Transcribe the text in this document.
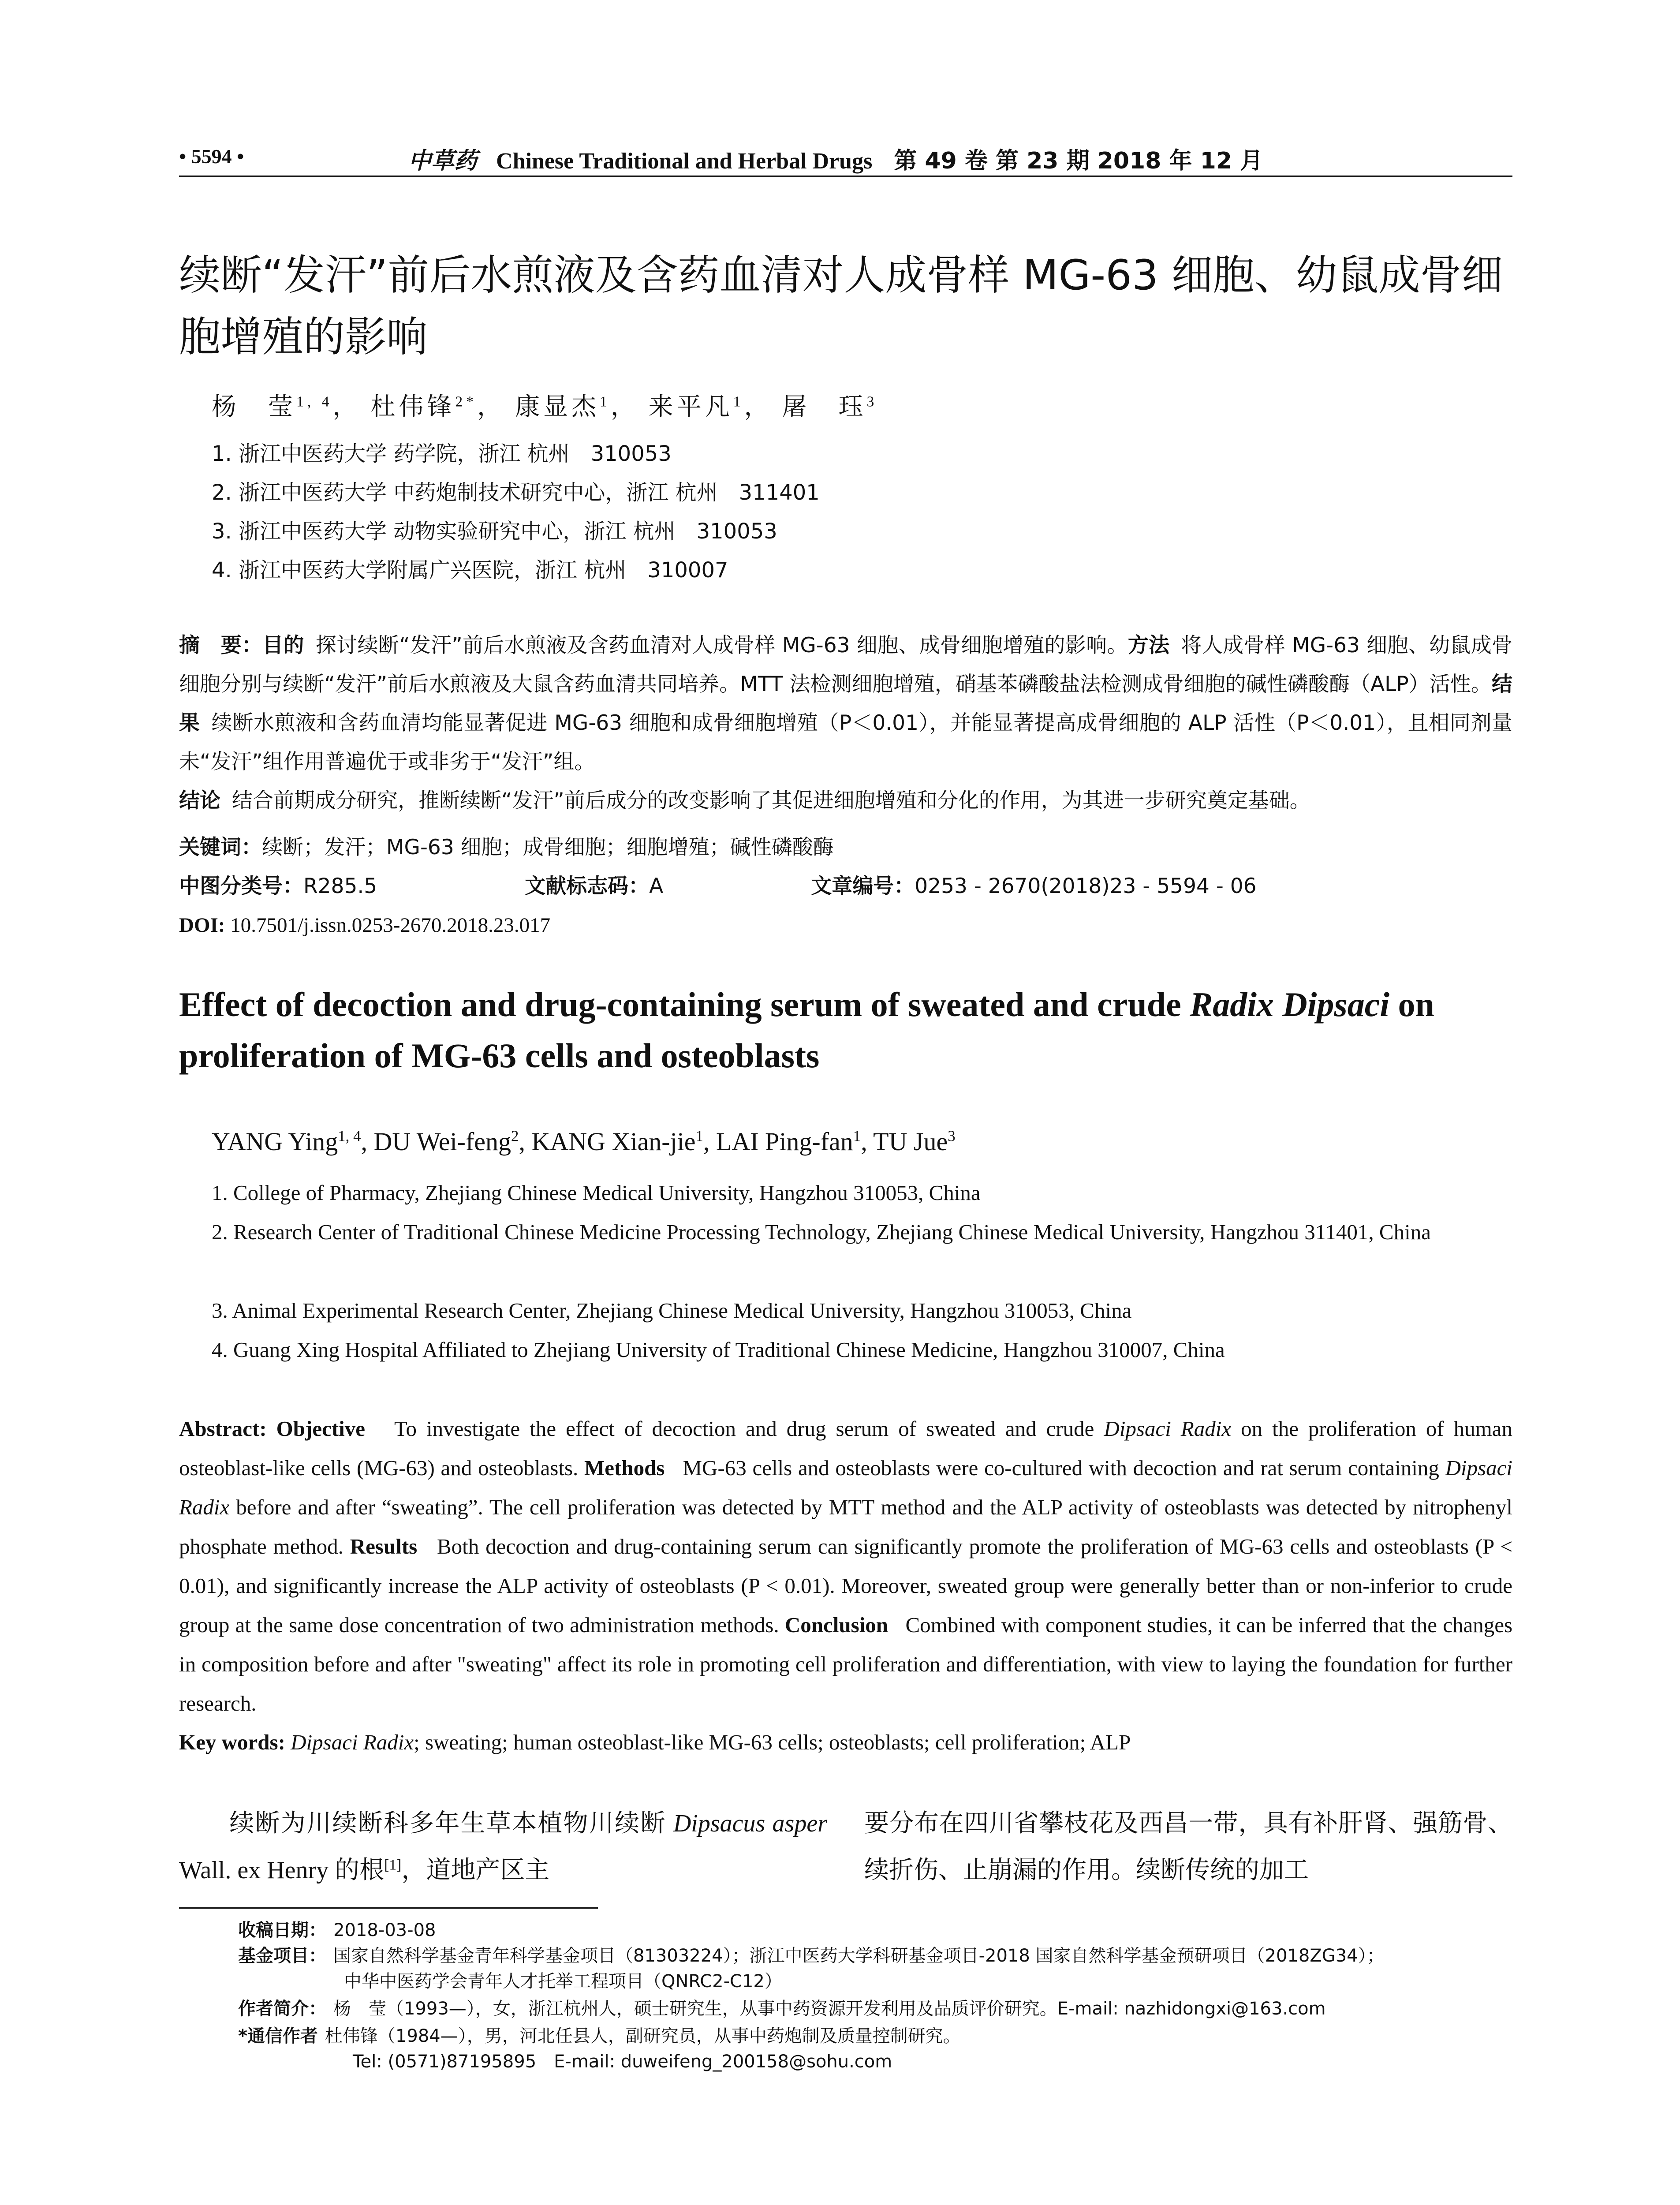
• 5594 •	中草药 Chinese Traditional and Herbal Drugs 第 49 卷 第 23 期 2018 年 12 月
续断“发汗”前后水煎液及含药血清对人成骨样 MG-63 细胞、幼鼠成骨细胞增殖的影响
杨　莹$^{1, 4}$， 杜伟锋$^{2*}$， 康显杰$^1$， 来平凡$^1$， 屠　珏$^3$
1. 浙江中医药大学 药学院，浙江 杭州　310053
2. 浙江中医药大学 中药炮制技术研究中心，浙江 杭州　311401
3. 浙江中医药大学 动物实验研究中心，浙江 杭州　310053
4. 浙江中医药大学附属广兴医院，浙江 杭州　310007
摘　要：目的 探讨续断“发汗”前后水煎液及含药血清对人成骨样 MG-63 细胞、成骨细胞增殖的影响。方法 将人成骨样 MG-63 细胞、幼鼠成骨细胞分别与续断“发汗”前后水煎液及大鼠含药血清共同培养。MTT 法检测细胞增殖，硝基苯磷酸盐法检测成骨细胞的碱性磷酸酶（ALP）活性。结果 续断水煎液和含药血清均能显著促进 MG-63 细胞和成骨细胞增殖（P＜0.01），并能显著提高成骨细胞的 ALP 活性（P＜0.01），且相同剂量未“发汗”组作用普遍优于或非劣于“发汗”组。
结论 结合前期成分研究，推断续断“发汗”前后成分的改变影响了其促进细胞增殖和分化的作用，为其进一步研究奠定基础。
关键词：续断；发汗；MG-63 细胞；成骨细胞；细胞增殖；碱性磷酸酶
中图分类号：R285.5	文献标志码：A	文章编号：0253 - 2670(2018)23 - 5594 - 06
DOI: 10.7501/j.issn.0253-2670.2018.23.017
Effect of decoction and drug-containing serum of sweated and crude Radix Dipsaci on proliferation of MG-63 cells and osteoblasts
YANG Ying$^{1, 4}$, DU Wei-feng$^2$, KANG Xian-jie$^1$, LAI Ping-fan$^1$, TU Jue$^3$
1. College of Pharmacy, Zhejiang Chinese Medical University, Hangzhou 310053, China
2. Research Center of Traditional Chinese Medicine Processing Technology, Zhejiang Chinese Medical University, Hangzhou 311401, China
3. Animal Experimental Research Center, Zhejiang Chinese Medical University, Hangzhou 310053, China
4. Guang Xing Hospital Affiliated to Zhejiang University of Traditional Chinese Medicine, Hangzhou 310007, China
Abstract: Objective To investigate the effect of decoction and drug serum of sweated and crude Dipsaci Radix on the proliferation of human osteoblast-like cells (MG-63) and osteoblasts. Methods MG-63 cells and osteoblasts were co-cultured with decoction and rat serum containing Dipsaci Radix before and after “sweating”. The cell proliferation was detected by MTT method and the ALP activity of osteoblasts was detected by nitrophenyl phosphate method. Results Both decoction and drug-containing serum can significantly promote the proliferation of MG-63 cells and osteoblasts (P < 0.01), and significantly increase the ALP activity of osteoblasts (P < 0.01). Moreover, sweated group were generally better than or non-inferior to crude group at the same dose concentration of two administration methods. Conclusion Combined with component studies, it can be inferred that the changes in composition before and after "sweating" affect its role in promoting cell proliferation and differentiation, with view to laying the foundation for further research.
Key words: Dipsaci Radix; sweating; human osteoblast-like MG-63 cells; osteoblasts; cell proliferation; ALP
续断为川续断科多年生草本植物川续断 Dipsacus asper Wall. ex Henry 的根[1]，道地产区主
要分布在四川省攀枝花及西昌一带，具有补肝肾、强筋骨、续折伤、止崩漏的作用。续断传统的加工
收稿日期： 2018-03-08
基金项目： 国家自然科学基金青年科学基金项目（81303224）；浙江中医药大学科研基金项目-2018 国家自然科学基金预研项目（2018ZG34）；
中华中医药学会青年人才托举工程项目（QNRC2-C12）
作者简介： 杨　莹（1993—），女，浙江杭州人，硕士研究生，从事中药资源开发利用及品质评价研究。E-mail: nazhidongxi@163.com
*通信作者 杜伟锋（1984—），男，河北任县人，副研究员，从事中药炮制及质量控制研究。
Tel: (0571)87195895　E-mail: duweifeng_200158@sohu.com
